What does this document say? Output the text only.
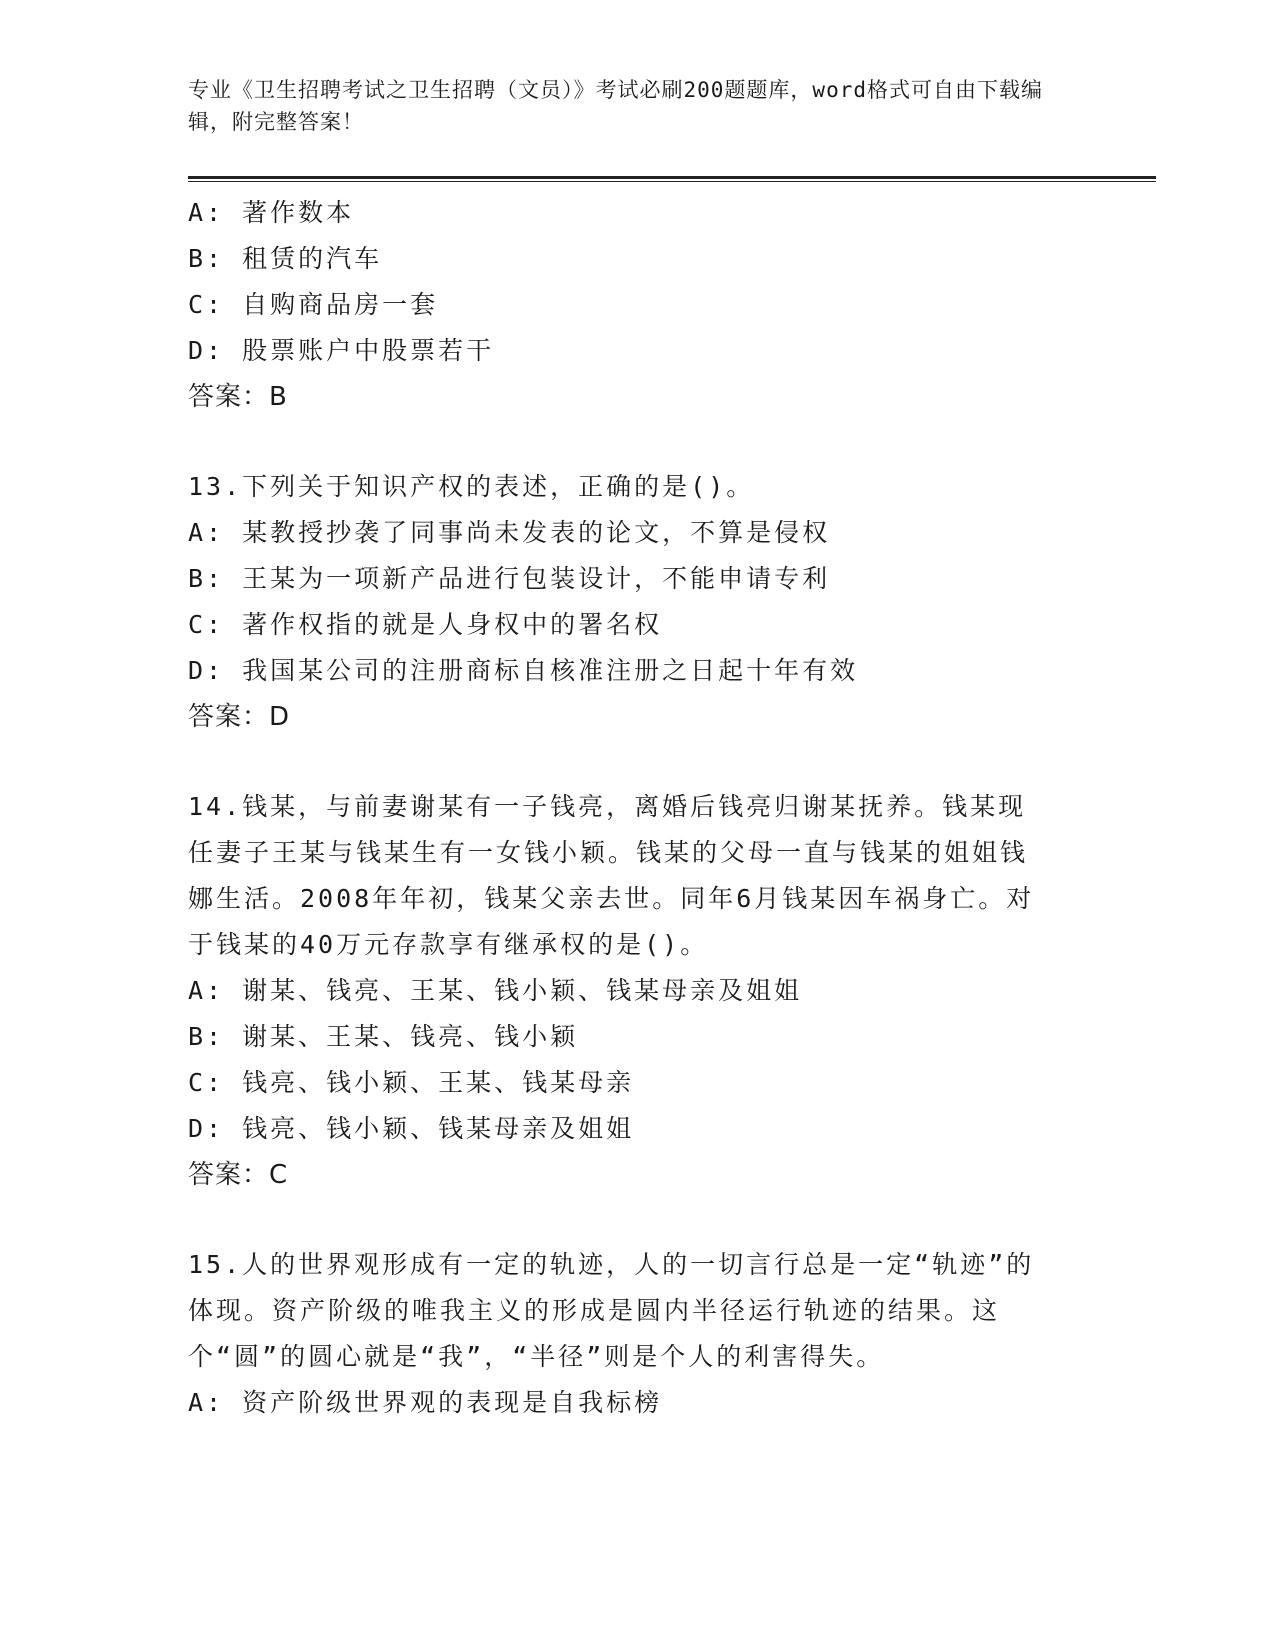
专业《卫生招聘考试之卫生招聘（文员）》考试必刷200题题库，word格式可自由下载编辑，附完整答案！
A: 著作数本
B: 租赁的汽车
C: 自购商品房一套
D: 股票账户中股票若干
答案：B
13.下列关于知识产权的表述，正确的是()。
A: 某教授抄袭了同事尚未发表的论文，不算是侵权
B: 王某为一项新产品进行包装设计，不能申请专利
C: 著作权指的就是人身权中的署名权
D: 我国某公司的注册商标自核准注册之日起十年有效
答案：D
14.钱某，与前妻谢某有一子钱亮，离婚后钱亮归谢某抚养。钱某现任妻子王某与钱某生有一女钱小颖。钱某的父母一直与钱某的姐姐钱娜生活。2008年年初，钱某父亲去世。同年6月钱某因车祸身亡。对于钱某的40万元存款享有继承权的是()。
A: 谢某、钱亮、王某、钱小颖、钱某母亲及姐姐
B: 谢某、王某、钱亮、钱小颖
C: 钱亮、钱小颖、王某、钱某母亲
D: 钱亮、钱小颖、钱某母亲及姐姐
答案：C
15.人的世界观形成有一定的轨迹，人的一切言行总是一定“轨迹”的体现。资产阶级的唯我主义的形成是圆内半径运行轨迹的结果。这个“圆”的圆心就是“我”，“半径”则是个人的利害得失。
A: 资产阶级世界观的表现是自我标榜
